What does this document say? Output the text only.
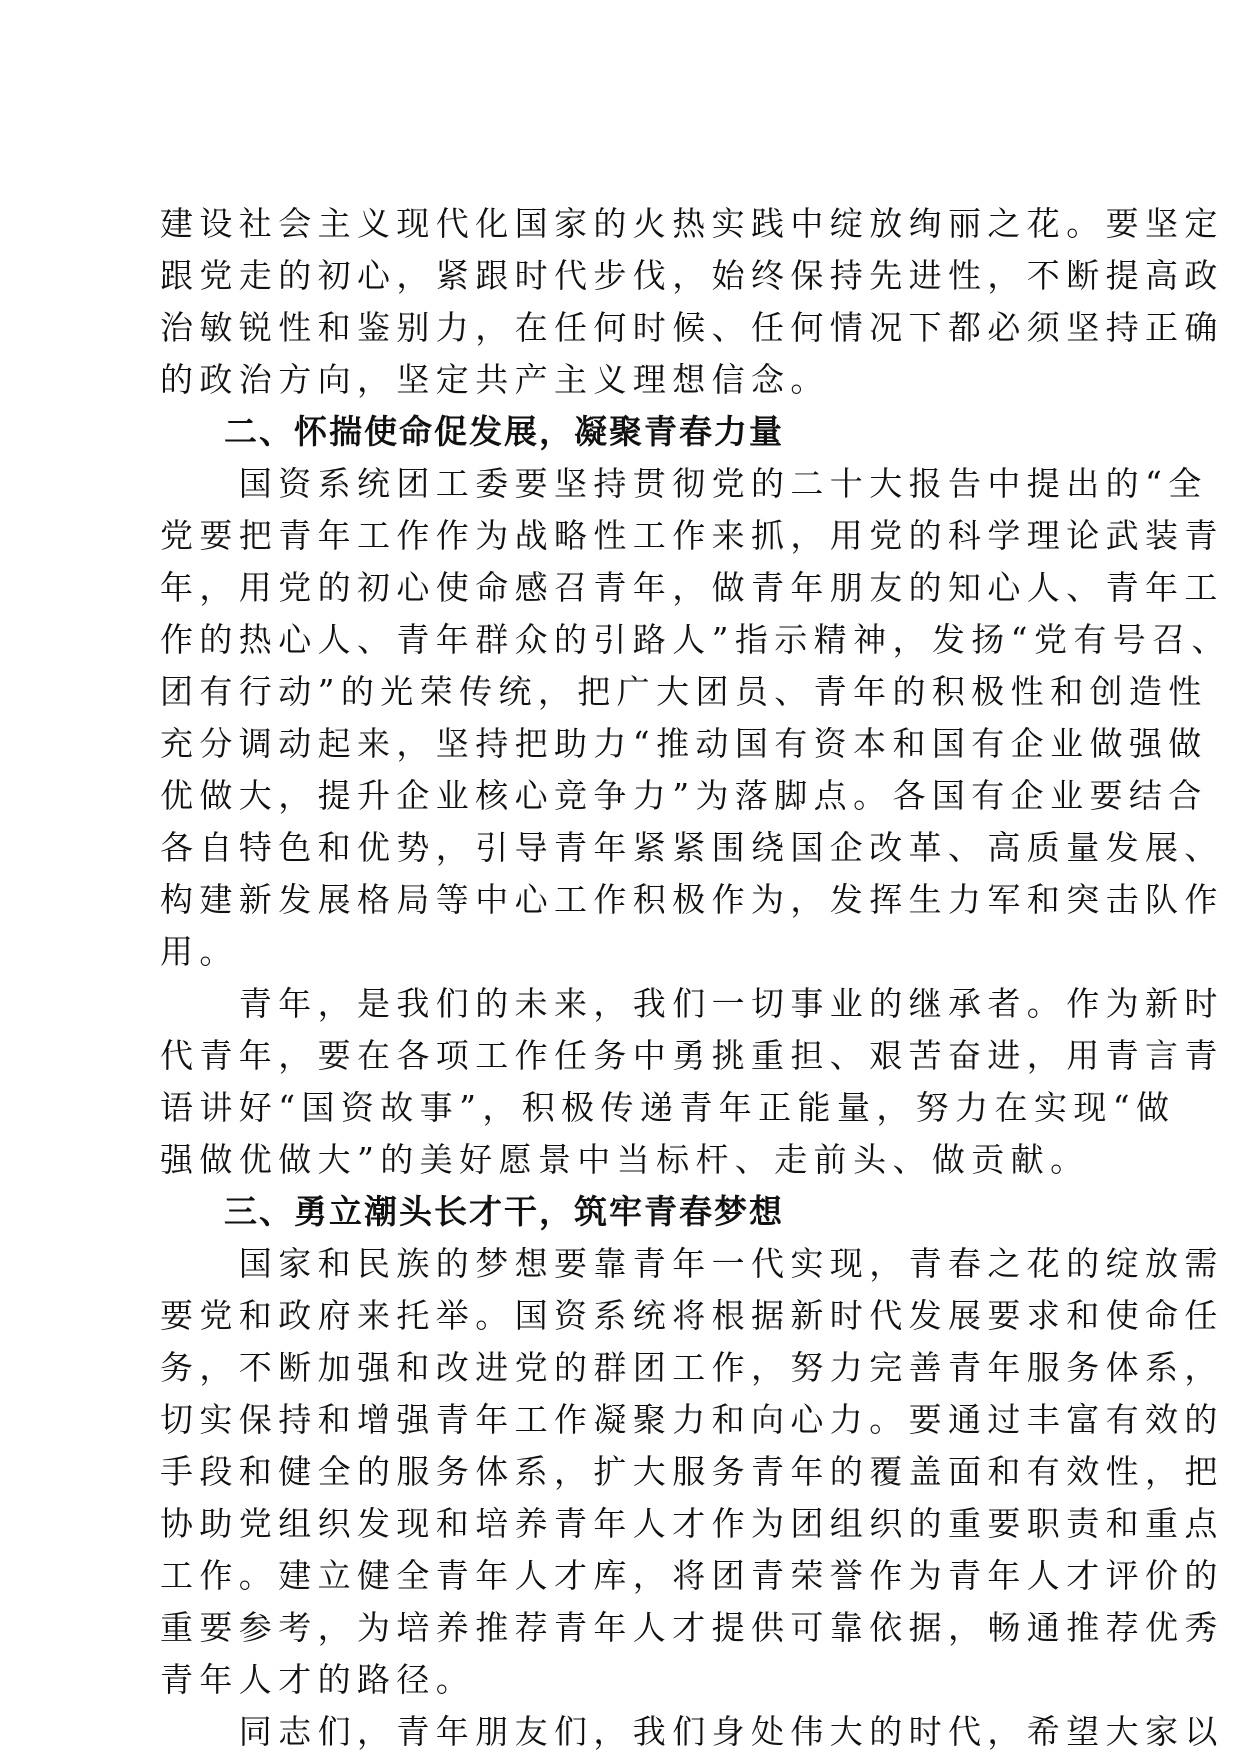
建设社会主义现代化国家的火热实践中绽放绚丽之花。要坚定
跟党走的初心，紧跟时代步伐，始终保持先进性，不断提高政
治敏锐性和鉴别力，在任何时候、任何情况下都必须坚持正确
的政治方向，坚定共产主义理想信念。
二、怀揣使命促发展，凝聚青春力量
　　国资系统团工委要坚持贯彻党的二十大报告中提出的“全
党要把青年工作作为战略性工作来抓，用党的科学理论武装青
年，用党的初心使命感召青年，做青年朋友的知心人、青年工
作的热心人、青年群众的引路人”指示精神，发扬“党有号召、
团有行动”的光荣传统，把广大团员、青年的积极性和创造性
充分调动起来，坚持把助力“推动国有资本和国有企业做强做
优做大，提升企业核心竞争力”为落脚点。各国有企业要结合
各自特色和优势，引导青年紧紧围绕国企改革、高质量发展、
构建新发展格局等中心工作积极作为，发挥生力军和突击队作
用。
　　青年，是我们的未来，我们一切事业的继承者。作为新时
代青年，要在各项工作任务中勇挑重担、艰苦奋进，用青言青
语讲好“国资故事”，积极传递青年正能量，努力在实现“做
强做优做大”的美好愿景中当标杆、走前头、做贡献。
三、勇立潮头长才干，筑牢青春梦想
　　国家和民族的梦想要靠青年一代实现，青春之花的绽放需
要党和政府来托举。国资系统将根据新时代发展要求和使命任
务，不断加强和改进党的群团工作，努力完善青年服务体系，
切实保持和增强青年工作凝聚力和向心力。要通过丰富有效的
手段和健全的服务体系，扩大服务青年的覆盖面和有效性，把
协助党组织发现和培养青年人才作为团组织的重要职责和重点
工作。建立健全青年人才库，将团青荣誉作为青年人才评价的
重要参考，为培养推荐青年人才提供可靠依据，畅通推荐优秀
青年人才的路径。
　　同志们，青年朋友们，我们身处伟大的时代，希望大家以
